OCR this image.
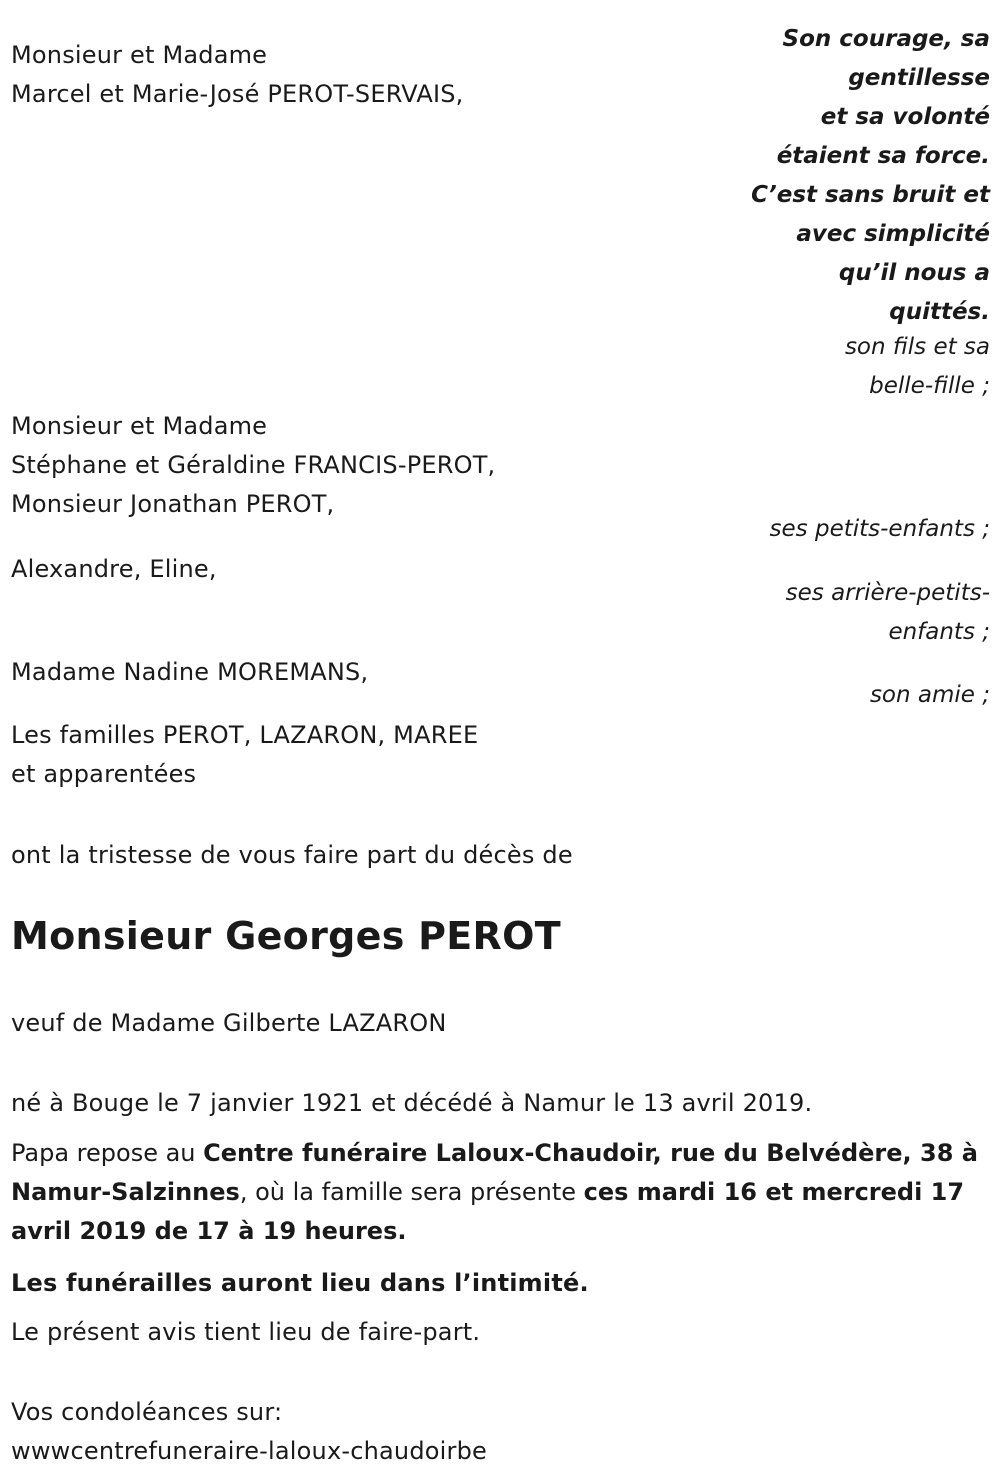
Son courage, sa
gentillesse
et sa volonté
étaient sa force.
C’est sans bruit et
avec simplicité
qu’il nous a
quittés.
son fils et sa
belle-fille ;
Monsieur et Madame
Marcel et Marie-José PEROT-SERVAIS,
Monsieur et Madame
Stéphane et Géraldine FRANCIS-PEROT,
Monsieur Jonathan PEROT,
ses petits-enfants ;
Alexandre, Eline,
ses arrière-petits-
enfants ;
Madame Nadine MOREMANS,
son amie ;
Les familles PEROT, LAZARON, MAREE
et apparentées
ont la tristesse de vous faire part du décès de
Monsieur Georges PEROT
veuf de Madame Gilberte LAZARON
né à Bouge le 7 janvier 1921 et décédé à Namur le 13 avril 2019.
Papa repose au Centre funéraire Laloux-Chaudoir, rue du Belvédère, 38 à Namur-Salzinnes, où la famille sera présente ces mardi 16 et mercredi 17 avril 2019 de 17 à 19 heures.
Les funérailles auront lieu dans l’intimité.
Le présent avis tient lieu de faire-part.
Vos condoléances sur:
wwwcentrefuneraire-laloux-chaudoirbe
